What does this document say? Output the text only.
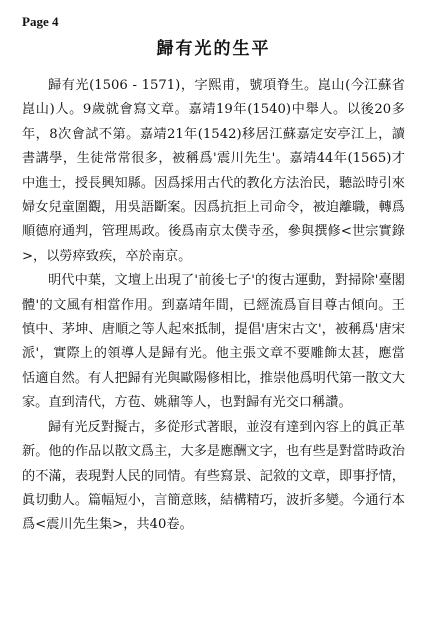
Page 4
歸有光的生平

歸有光(1506 - 1571)，字熙甫，號項脊生。崑山(今江蘇省崑山)人。9歲就會寫文章。嘉靖19年(1540)中舉人。以後20多年，8次會試不第。嘉靖21年(1542)移居江蘇嘉定安亭江上，讀書講學，生徒常常很多，被稱爲'震川先生'。嘉靖44年(1565)才中進士，授長興知縣。因爲採用古代的教化方法治民，聽訟時引來婦女兒童圍觀，用吳語斷案。因爲抗拒上司命令，被迫離職，轉爲順德府通判，管理馬政。後爲南京太僕寺丞，參與撰修<世宗實錄>，以勞瘁致疾，卒於南京。

明代中葉，文壇上出現了'前後七子'的復古運動，對掃除'臺閣體'的文風有相當作用。到嘉靖年間，已經流爲盲目尊古傾向。王慎中、茅坤、唐順之等人起來抵制，提倡'唐宋古文'，被稱爲'唐宋派'，實際上的領導人是歸有光。他主張文章不要雕飾太甚，應當恬適自然。有人把歸有光與歐陽修相比，推崇他爲明代第一散文大家。直到清代，方苞、姚鼐等人，也對歸有光交口稱讚。

歸有光反對擬古，多從形式著眼，並沒有達到內容上的眞正革新。他的作品以散文爲主，大多是應酬文字，也有些是對當時政治的不滿，表現對人民的同情。有些寫景、記敘的文章，即事抒情，眞切動人。篇幅短小，言簡意賅，結構精巧，波折多變。今通行本爲<震川先生集>，共40卷。
